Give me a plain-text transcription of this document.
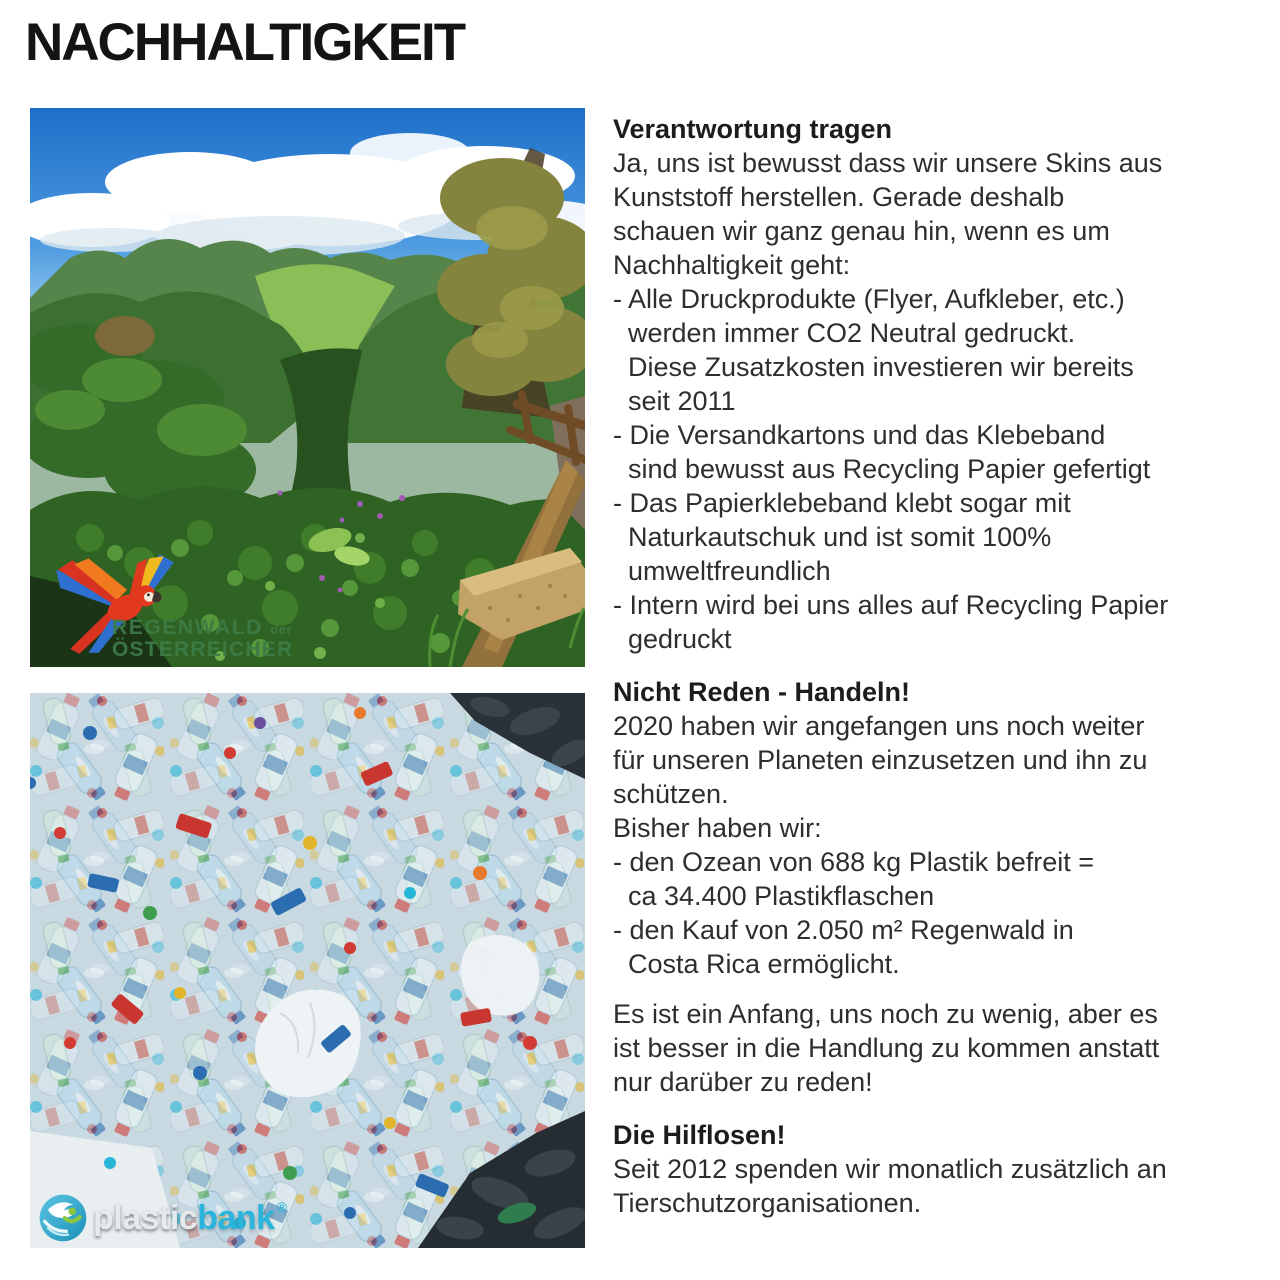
NACHHALTIGKEIT
REGENWALD der
ÖSTERREICHER
plasticbank ®
Verantwortung tragen
Ja, uns ist bewusst dass wir unsere Skins aus
Kunststoff herstellen. Gerade deshalb
schauen wir ganz genau hin, wenn es um
Nachhaltigkeit geht:
- Alle Druckprodukte (Flyer, Aufkleber, etc.)
werden immer CO2 Neutral gedruckt.
Diese Zusatzkosten investieren wir bereits
seit 2011
- Die Versandkartons und das Klebeband
sind bewusst aus Recycling Papier gefertigt
- Das Papierklebeband klebt sogar mit
Naturkautschuk und ist somit 100%
umweltfreundlich
- Intern wird bei uns alles auf Recycling Papier
gedruckt
Nicht Reden - Handeln!
2020 haben wir angefangen uns noch weiter
für unseren Planeten einzusetzen und ihn zu
schützen.
Bisher haben wir:
- den Ozean von 688 kg Plastik befreit =
ca 34.400 Plastikflaschen
- den Kauf von 2.050 m² Regenwald in
Costa Rica ermöglicht.
Es ist ein Anfang, uns noch zu wenig, aber es
ist besser in die Handlung zu kommen anstatt
nur darüber zu reden!
Die Hilflosen!
Seit 2012 spenden wir monatlich zusätzlich an
Tierschutzorganisationen.
